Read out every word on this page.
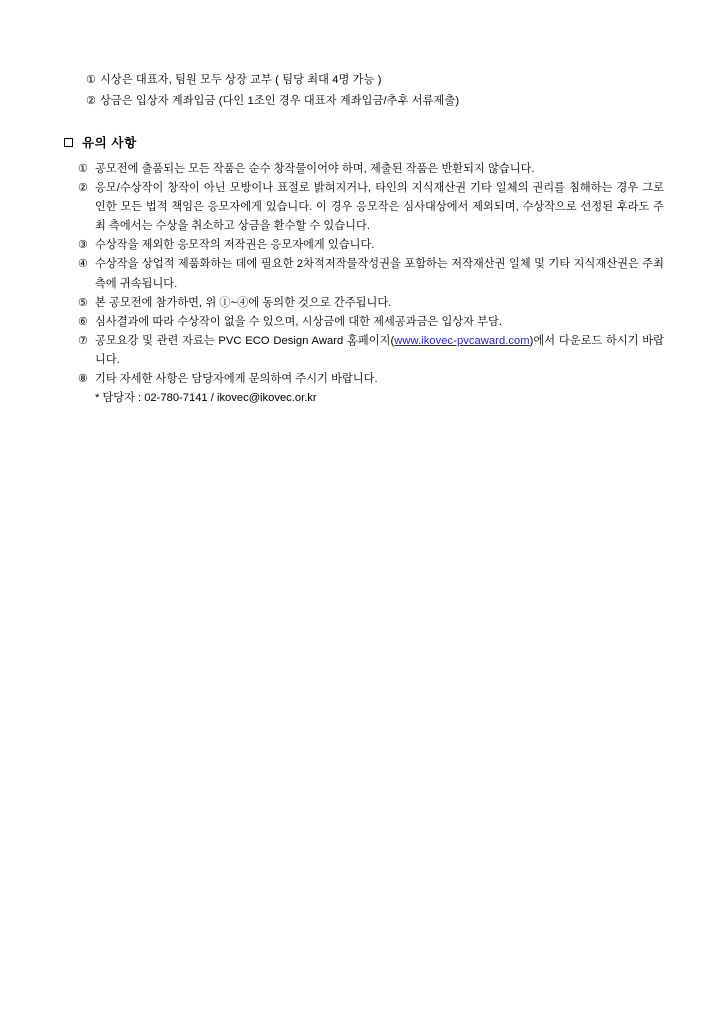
① 시상은 대표자, 팀원 모두 상장 교부 ( 팀당 최대 4명 가능 )
② 상금은 입상자 계좌입금 (다인 1조인 경우 대표자 계좌입금/추후 서류제출)
유의 사항
① 공모전에 출품되는 모든 작품은 순수 창작물이어야 하며, 제출된 작품은 반환되지 않습니다.
② 응모/수상작이 창작이 아닌 모방이나 표절로 밝혀지거나, 타인의 지식재산권 기타 일체의 권리를 침해하는 경우 그로 인한 모든 법적 책임은 응모자에게 있습니다. 이 경우 응모작은 심사대상에서 제외되며, 수상작으로 선정된 후라도 주최 측에서는 수상을 취소하고 상금을 환수할 수 있습니다.
③ 수상작을 제외한 응모작의 저작권은 응모자에게 있습니다.
④ 수상작을 상업적 제품화하는 데에 필요한 2차적저작물작성권을 포함하는 저작재산권 일체 및 기타 지식재산권은 주최 측에 귀속됩니다.
⑤ 본 공모전에 참가하면, 위 ①~④에 동의한 것으로 간주됩니다.
⑥ 심사결과에 따라 수상작이 없을 수 있으며, 시상금에 대한 제세공과금은 입상자 부담.
⑦ 공모요강 및 관련 자료는 PVC ECO Design Award 홈페이지(www.ikovec-pvcaward.com)에서 다운로드 하시기 바랍니다.
⑧ 기타 자세한 사항은 담당자에게 문의하여 주시기 바랍니다.
* 담당자 : 02-780-7141 / ikovec@ikovec.or.kr
